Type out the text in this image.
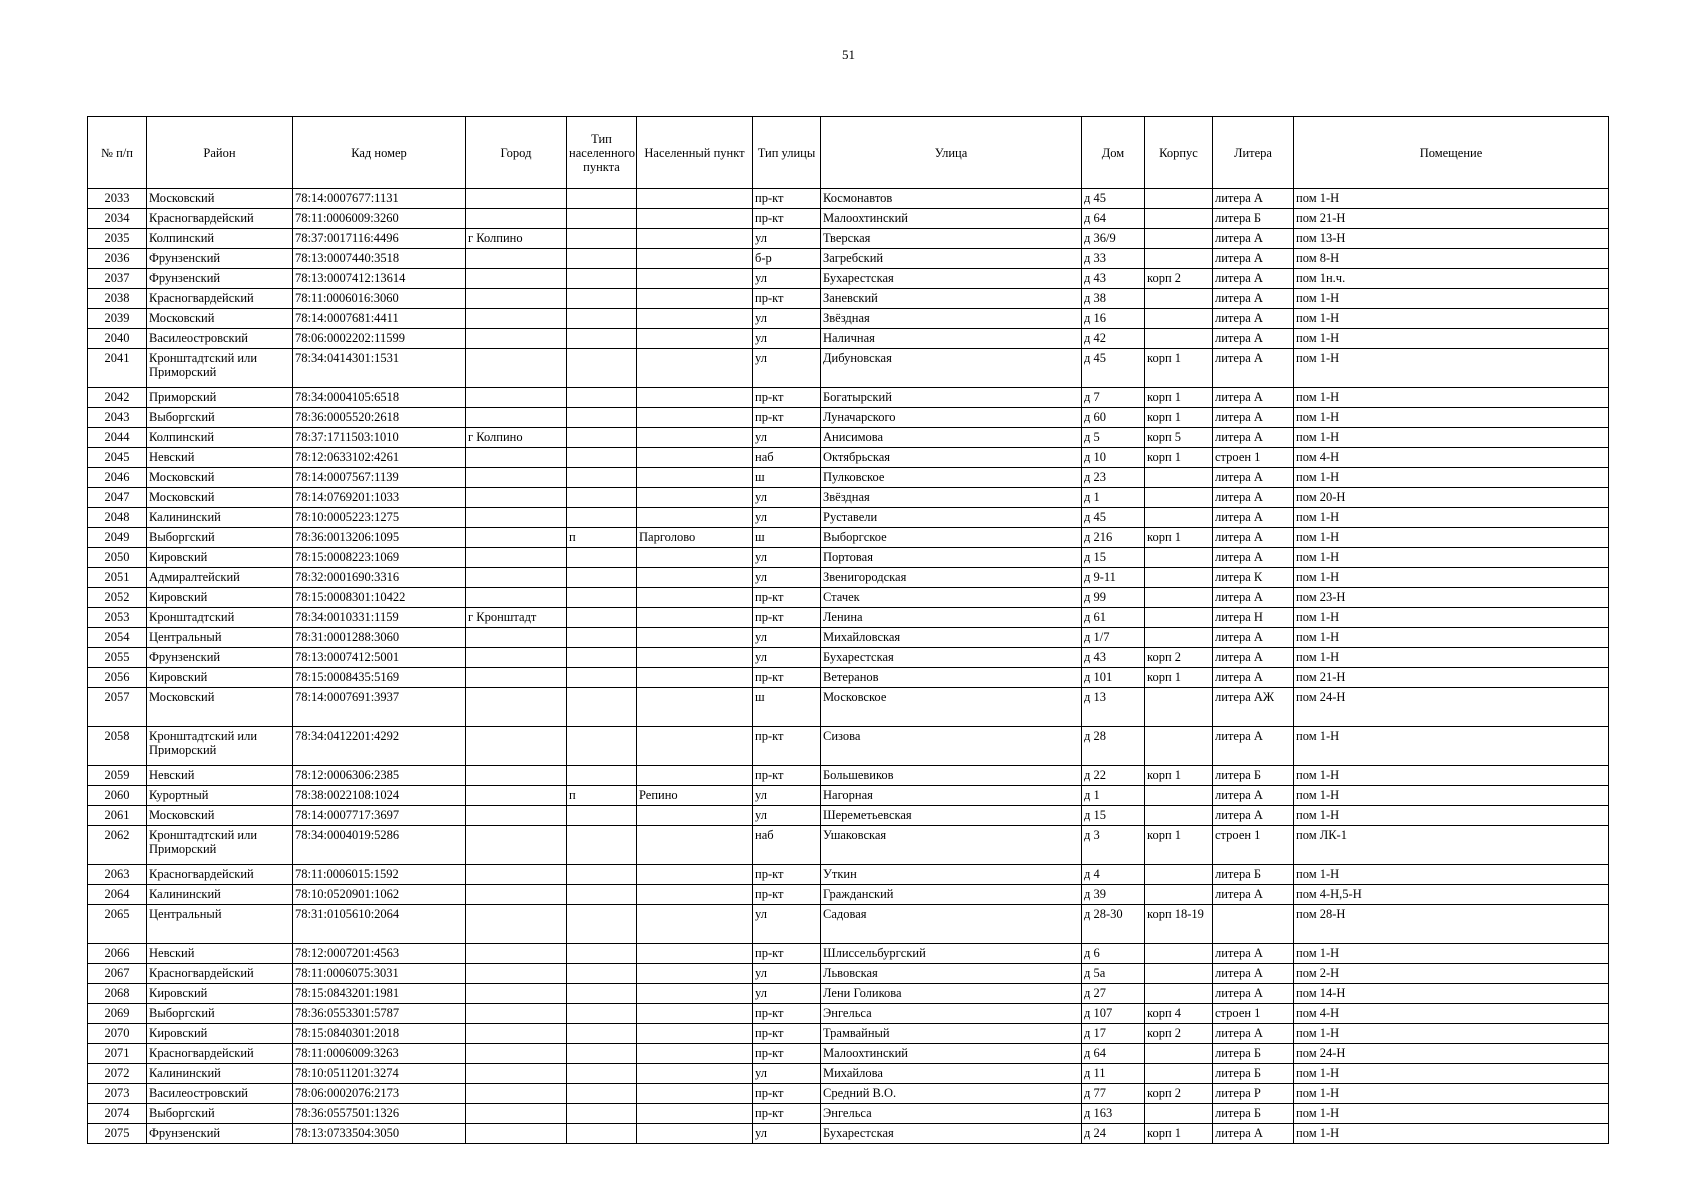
51
№ п/п	Район	Кад номер	Город	Тип населенного пункта	Населенный пункт	Тип улицы	Улица	Дом	Корпус	Литера	Помещение
2033	Московский	78:14:0007677:1131				пр-кт	Космонавтов	д 45		литера А	пом 1-Н
2034	Красногвардейский	78:11:0006009:3260				пр-кт	Малоохтинский	д 64		литера Б	пом 21-Н
2035	Колпинский	78:37:0017116:4496	г Колпино			ул	Тверская	д 36/9		литера А	пом 13-Н
2036	Фрунзенский	78:13:0007440:3518				б-р	Загребский	д 33		литера А	пом 8-Н
2037	Фрунзенский	78:13:0007412:13614				ул	Бухарестская	д 43	корп 2	литера А	пом 1н.ч.
2038	Красногвардейский	78:11:0006016:3060				пр-кт	Заневский	д 38		литера А	пом 1-Н
2039	Московский	78:14:0007681:4411				ул	Звёздная	д 16		литера А	пом 1-Н
2040	Василеостровский	78:06:0002202:11599				ул	Наличная	д 42		литера А	пом 1-Н
2041	Кронштадтский или Приморский	78:34:0414301:1531				ул	Дибуновская	д 45	корп 1	литера А	пом 1-Н
2042	Приморский	78:34:0004105:6518				пр-кт	Богатырский	д 7	корп 1	литера А	пом 1-Н
2043	Выборгский	78:36:0005520:2618				пр-кт	Луначарского	д 60	корп 1	литера А	пом 1-Н
2044	Колпинский	78:37:1711503:1010	г Колпино			ул	Анисимова	д 5	корп 5	литера А	пом 1-Н
2045	Невский	78:12:0633102:4261				наб	Октябрьская	д 10	корп 1	строен 1	пом 4-Н
2046	Московский	78:14:0007567:1139				ш	Пулковское	д 23		литера А	пом 1-Н
2047	Московский	78:14:0769201:1033				ул	Звёздная	д 1		литера А	пом 20-Н
2048	Калининский	78:10:0005223:1275				ул	Руставели	д 45		литера А	пом 1-Н
2049	Выборгский	78:36:0013206:1095		п	Парголово	ш	Выборгское	д 216	корп 1	литера А	пом 1-Н
2050	Кировский	78:15:0008223:1069				ул	Портовая	д 15		литера А	пом 1-Н
2051	Адмиралтейский	78:32:0001690:3316				ул	Звенигородская	д 9-11		литера К	пом 1-Н
2052	Кировский	78:15:0008301:10422				пр-кт	Стачек	д 99		литера А	пом 23-Н
2053	Кронштадтский	78:34:0010331:1159	г Кронштадт			пр-кт	Ленина	д 61		литера Н	пом 1-Н
2054	Центральный	78:31:0001288:3060				ул	Михайловская	д 1/7		литера А	пом 1-Н
2055	Фрунзенский	78:13:0007412:5001				ул	Бухарестская	д 43	корп 2	литера А	пом 1-Н
2056	Кировский	78:15:0008435:5169				пр-кт	Ветеранов	д 101	корп 1	литера А	пом 21-Н
2057	Московский	78:14:0007691:3937				ш	Московское	д 13		литера АЖ	пом 24-Н
2058	Кронштадтский или Приморский	78:34:0412201:4292				пр-кт	Сизова	д 28		литера А	пом 1-Н
2059	Невский	78:12:0006306:2385				пр-кт	Большевиков	д 22	корп 1	литера Б	пом 1-Н
2060	Курортный	78:38:0022108:1024		п	Репино	ул	Нагорная	д 1		литера А	пом 1-Н
2061	Московский	78:14:0007717:3697				ул	Шереметьевская	д 15		литера А	пом 1-Н
2062	Кронштадтский или Приморский	78:34:0004019:5286				наб	Ушаковская	д 3	корп 1	строен 1	пом ЛК-1
2063	Красногвардейский	78:11:0006015:1592				пр-кт	Уткин	д 4		литера Б	пом 1-Н
2064	Калининский	78:10:0520901:1062				пр-кт	Гражданский	д 39		литера А	пом 4-Н,5-Н
2065	Центральный	78:31:0105610:2064				ул	Садовая	д 28-30	корп 18-19		пом 28-Н
2066	Невский	78:12:0007201:4563				пр-кт	Шлиссельбургский	д 6		литера А	пом 1-Н
2067	Красногвардейский	78:11:0006075:3031				ул	Львовская	д 5а		литера А	пом 2-Н
2068	Кировский	78:15:0843201:1981				ул	Лени Голикова	д 27		литера А	пом 14-Н
2069	Выборгский	78:36:0553301:5787				пр-кт	Энгельса	д 107	корп 4	строен 1	пом 4-Н
2070	Кировский	78:15:0840301:2018				пр-кт	Трамвайный	д 17	корп 2	литера А	пом 1-Н
2071	Красногвардейский	78:11:0006009:3263				пр-кт	Малоохтинский	д 64		литера Б	пом 24-Н
2072	Калининский	78:10:0511201:3274				ул	Михайлова	д 11		литера Б	пом 1-Н
2073	Василеостровский	78:06:0002076:2173				пр-кт	Средний В.О.	д 77	корп 2	литера Р	пом 1-Н
2074	Выборгский	78:36:0557501:1326				пр-кт	Энгельса	д 163		литера Б	пом 1-Н
2075	Фрунзенский	78:13:0733504:3050				ул	Бухарестская	д 24	корп 1	литера А	пом 1-Н
